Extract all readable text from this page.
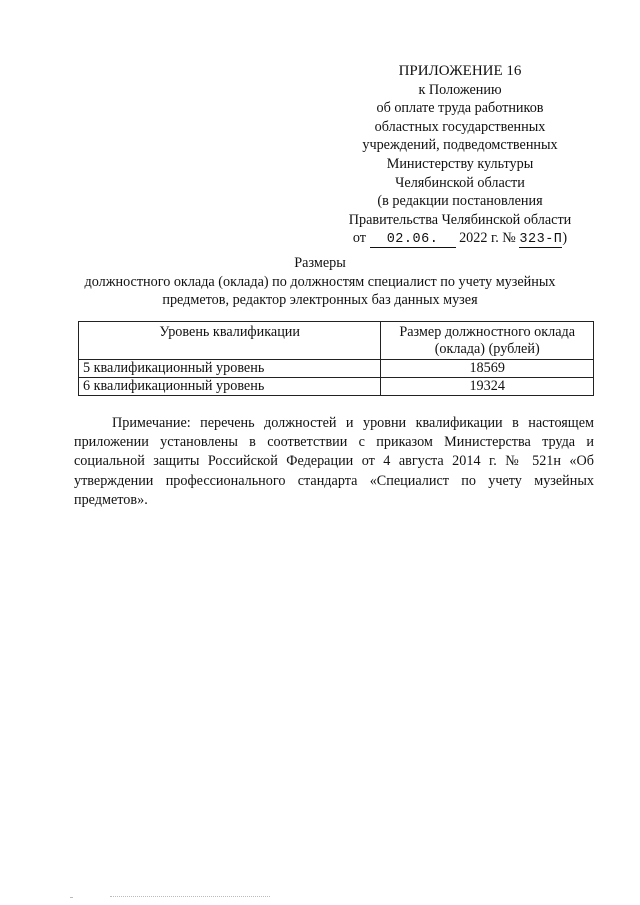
ПРИЛОЖЕНИЕ 16
к Положению
об оплате труда работников
областных государственных
учреждений, подведомственных
Министерству культуры
Челябинской области
(в редакции постановления
Правительства Челябинской области
от 02.06. 2022 г. № 323-П)
Размеры
должностного оклада (оклада) по должностям специалист по учету музейных
предметов, редактор электронных баз данных музея
Уровень квалификации	Размер должностного оклада (оклада) (рублей)
5 квалификационный уровень	18569
6 квалификационный уровень	19324

Примечание: перечень должностей и уровни квалификации в настоящем приложении установлены в соответствии с приказом Министерства труда и социальной защиты Российской Федерации от 4 августа 2014 г. № 521н «Об утверждении профессионального стандарта «Специалист по учету музейных предметов».
